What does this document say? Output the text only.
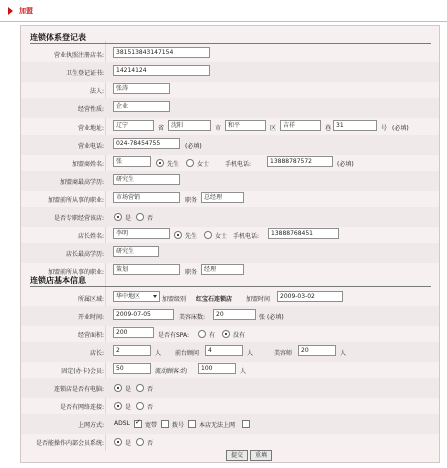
加盟
连锁体系登记表
营业执照注册店名:	381513843147154
卫生登记证书:	14214124
法人:	张涛
经营性质:	企业
营业地址:	辽宁	省	沈阳	市	和平	区	吉祥	巷 31	号 (必填)
营业电话:	024-78454755	(必填)
加盟商姓名:	张	先生	女士	手机电话:	13888787572	(必填)
加盟商最高学历:	研究生
加盟前所从事的职业:	市场营销	职务	总经理
是否专职经营该店:	是	否
店长姓名:	李明	先生	女士 手机电话:	13888768451
店长最高学历:	研究生
加盟前所从事的职业:	策划	职务	经理
连锁店基本信息
所属区域:	华中地区	加盟级别 红宝石连锁店 加盟时间	2009-03-02
开业时间:	2009-07-05	美容床数:	20	张 (必填)
经营面积:	200	是否有SPA:	有	没有
店长:	2	人 前台顾问	4	人	美容师	20	人
固定(办卡)会员:	50	流动顾客:约	100	人
连锁店是否有电脑:	是	否
是否有网络连接:	是	否
上网方式: ADSL
✓	宽带 拨号 本店无法上网
是否能操作内部会员系统:	是	否
提交	重填
